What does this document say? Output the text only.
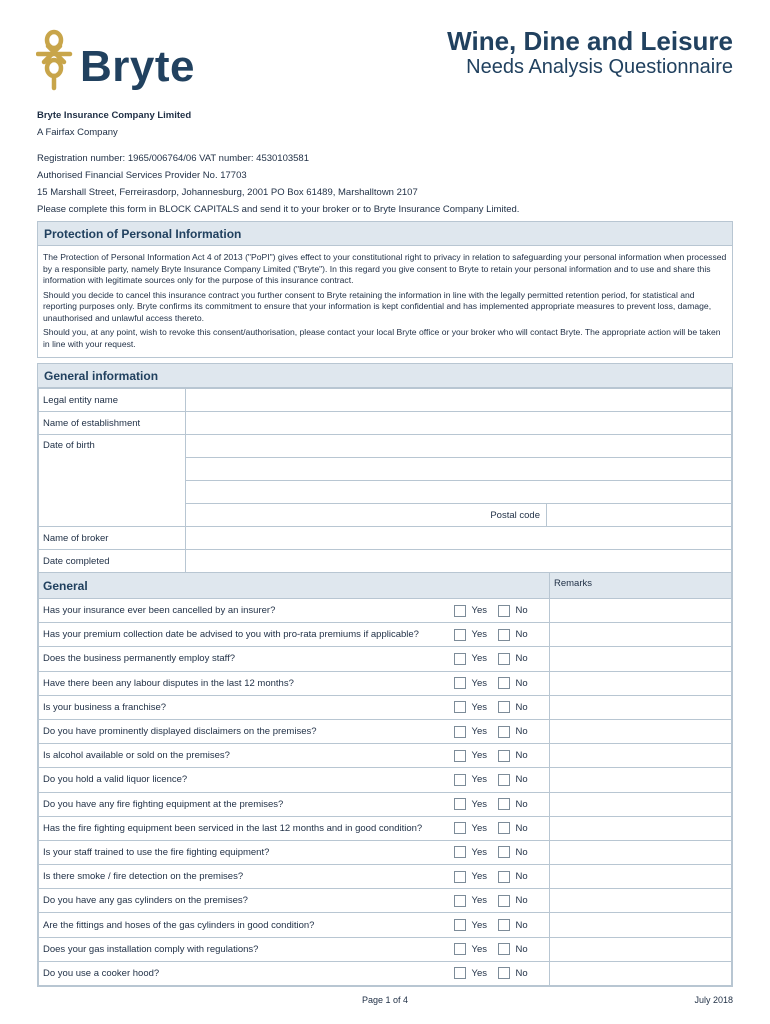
Bryte
Wine, Dine and Leisure
Needs Analysis Questionnaire
Bryte Insurance Company Limited
A Fairfax Company
Registration number: 1965/006764/06 VAT number: 4530103581
Authorised Financial Services Provider No. 17703
15 Marshall Street, Ferreirasdorp, Johannesburg, 2001 PO Box 61489, Marshalltown 2107
Please complete this form in BLOCK CAPITALS and send it to your broker or to Bryte Insurance Company Limited.
Protection of Personal Information

The Protection of Personal Information Act 4 of 2013 ("PoPI") gives effect to your constitutional right to privacy in relation to safeguarding your personal information when processed by a responsible party, namely Bryte Insurance Company Limited ("Bryte"). In this regard you give consent to Bryte to retain your personal information and to use and share this information with legitimate sources only for the purpose of this insurance contract.

Should you decide to cancel this insurance contract you further consent to Bryte retaining the information in line with the legally permitted retention period, for statistical and reporting purposes only. Bryte confirms its commitment to ensure that your information is kept confidential and has implemented appropriate measures to prevent loss, damage, unauthorised and unlawful access thereto.

Should you, at any point, wish to revoke this consent/authorisation, please contact your local Bryte office or your broker who will contact Bryte. The appropriate action will be taken in line with your request.

General information
Legal entity name		
Name of establishment		
Date of birth		

	Postal code	
Name of broker		
Date completed		
General		Remarks
Has your insurance ever been cancelled by an insurer?	Yes No	
Has your premium collection date be advised to you with pro-rata premiums if applicable?	Yes No	
Does the business permanently employ staff?	Yes No	
Have there been any labour disputes in the last 12 months?	Yes No	
Is your business a franchise?	Yes No	
Do you have prominently displayed disclaimers on the premises?	Yes No	
Is alcohol available or sold on the premises?	Yes No	
Do you hold a valid liquor licence?	Yes No	
Do you have any fire fighting equipment at the premises?	Yes No	
Has the fire fighting equipment been serviced in the last 12 months and in good condition?	Yes No	
Is your staff trained to use the fire fighting equipment?	Yes No	
Is there smoke / fire detection on the premises?	Yes No	
Do you have any gas cylinders on the premises?	Yes No	
Are the fittings and hoses of the gas cylinders in good condition?	Yes No	
Does your gas installation comply with regulations?	Yes No	
Do you use a cooker hood?	Yes No	
Page 1 of 4	July 2018
